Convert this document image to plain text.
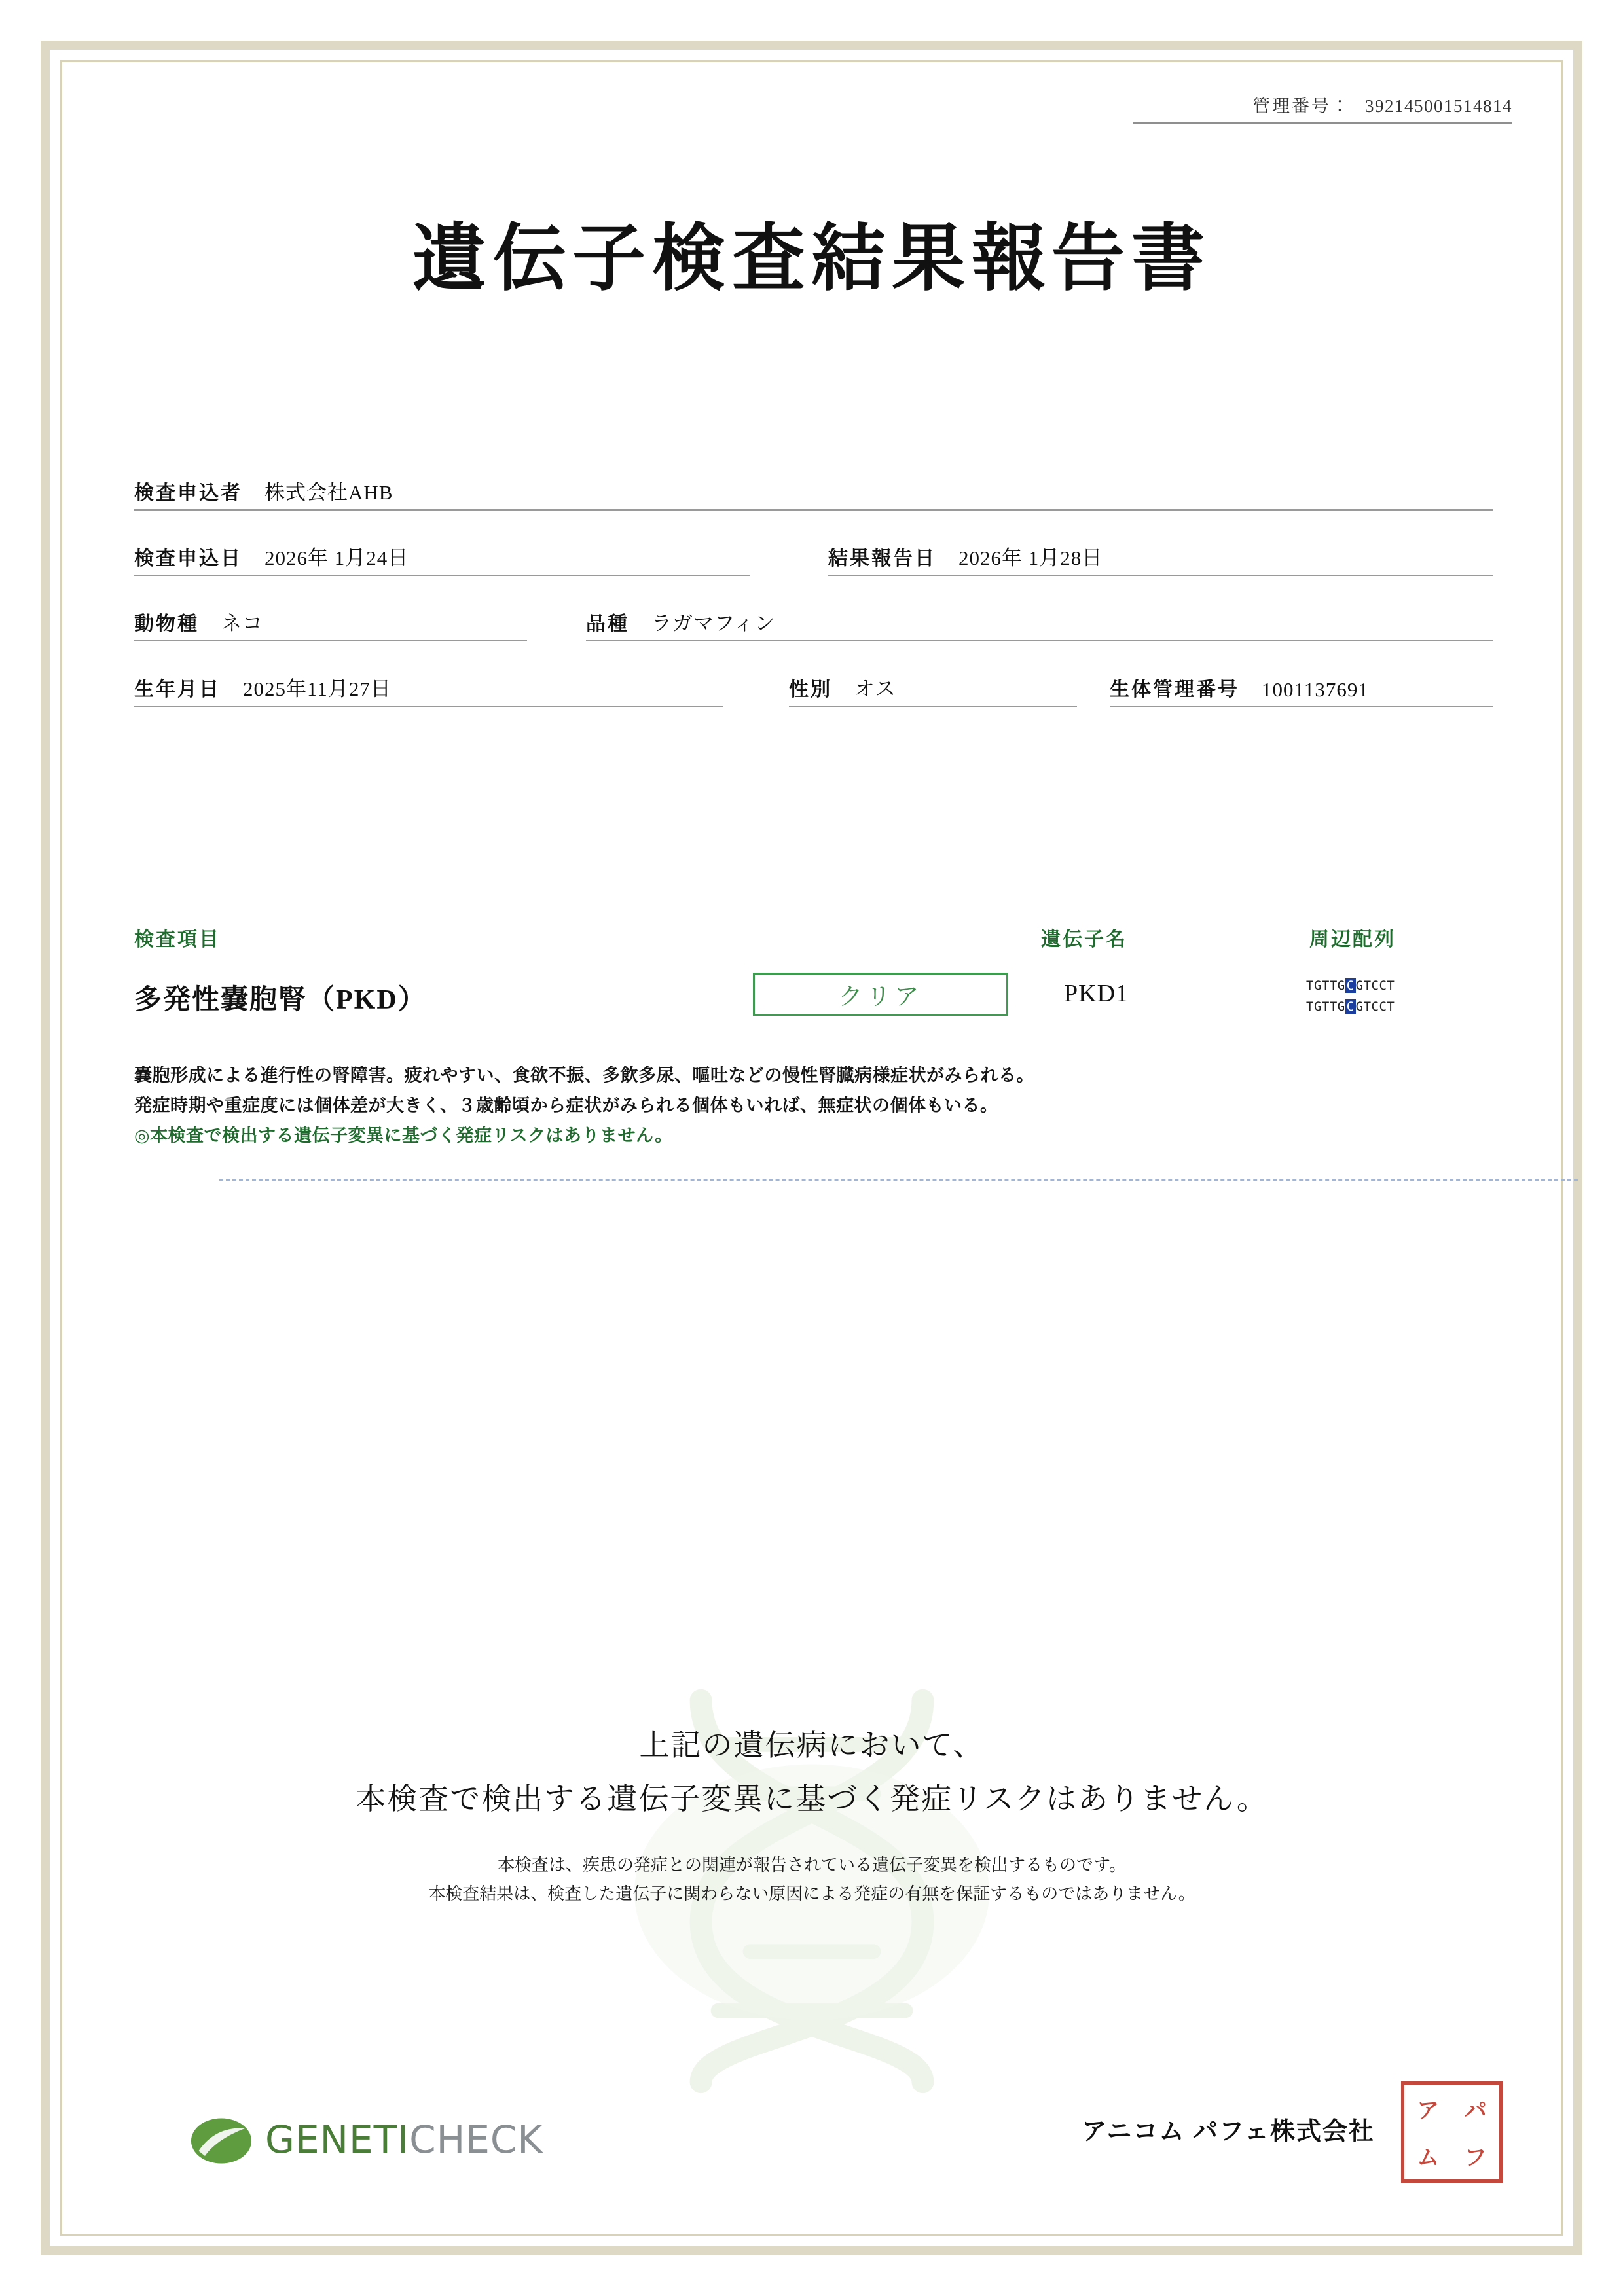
管理番号： 392145001514814
遺伝子検査結果報告書
検査申込者 株式会社AHB
検査申込日 2026年 1月24日	結果報告日 2026年 1月28日
動物種 ネコ	品種 ラガマフィン
生年月日 2025年11月27日	性別 オス	生体管理番号 1001137691
検査項目	遺伝子名	周辺配列
多発性嚢胞腎（PKD）	クリア	PKD1	TGTTG C GTCCT
TGTTG C GTCCT
嚢胞形成による進行性の腎障害。疲れやすい、食欲不振、多飲多尿、嘔吐などの慢性腎臓病様症状がみられる。
発症時期や重症度には個体差が大きく、３歳齢頃から症状がみられる個体もいれば、無症状の個体もいる。
◎本検査で検出する遺伝子変異に基づく発症リスクはありません。
上記の遺伝病において、
本検査で検出する遺伝子変異に基づく発症リスクはありません。
本検査は、疾患の発症との関連が報告されている遺伝子変異を検出するものです。
本検査結果は、検査した遺伝子に関わらない原因による発症の有無を保証するものではありません。
GENETICHECK	アニコム パフェ株式会社
ア パ
ム フ
